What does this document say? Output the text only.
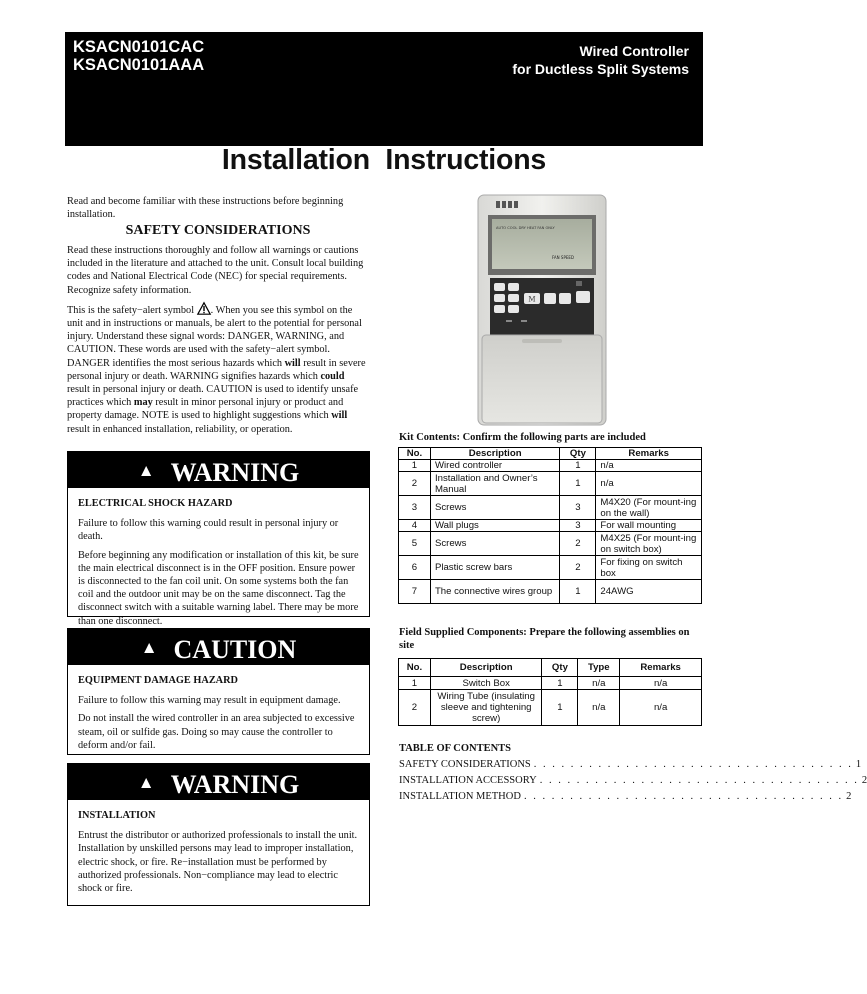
KSACN0101CAC
KSACN0101AAA
Wired Controller
for Ductless Split Systems
Installation  Instructions

Read and become familiar with these instructions before beginning installation.

SAFETY CONSIDERATIONS

Read these instructions thoroughly and follow all warnings or cautions included in the literature and attached to the unit. Consult local building codes and National Electrical Code (NEC) for special requirements. Recognize safety information.

This is the safety−alert symbol . When you see this symbol on the unit and in instructions or manuals, be alert to the potential for personal injury. Understand these signal words: DANGER, WARNING, and CAUTION. These words are used with the safety−alert symbol. DANGER identifies the most serious hazards which will result in severe personal injury or death. WARNING signifies hazards which could result in personal injury or death. CAUTION is used to identify unsafe practices which may result in minor personal injury or product and property damage. NOTE is used to highlight suggestions which will result in enhanced installation, reliability, or operation.

▲ WARNING
ELECTRICAL SHOCK HAZARD

Failure to follow this warning could result in personal injury or death.

Before beginning any modification or installation of this kit, be sure the main electrical disconnect is in the OFF position. Ensure power is disconnected to the fan coil unit. On some systems both the fan coil and the outdoor unit may be on the same disconnect. Tag the disconnect switch with a suitable warning label. There may be more than one disconnect.

▲ CAUTION
EQUIPMENT DAMAGE HAZARD

Failure to follow this warning may result in equipment damage.

Do not install the wired controller in an area subjected to excessive steam, oil or sulfide gas. Doing so may cause the controller to deform and/or fail.

▲ WARNING
INSTALLATION

Entrust the distributor or authorized professionals to install the unit. Installation by unskilled persons may lead to improper installation, electric shock, or fire. Re−installation must be performed by authorized professionals. Non−compliance may lead to electric shock or fire.

AUTO COOL DRY HEAT FAN ONLY
FAN SPEED
M
Kit Contents: Confirm the following parts are included
No.	Description	Qty	Remarks
1	Wired controller	1	n/a
2	Installation and Owner’s Manual	1	n/a
3	Screws	3	M4X20 (For mount-ing on the wall)
4	Wall plugs	3	For wall mounting
5	Screws	2	M4X25 (For mount-ing on switch box)
6	Plastic screw bars	2	For fixing on switch box
7	The connective wires group	1	24AWG
Field Supplied Components: Prepare the following assemblies on site
No.	Description	Qty	Type	Remarks
1	Switch Box	1	n/a	n/a
2	Wiring Tube (insulating sleeve and tightening screw)	1	n/a	n/a
TABLE OF CONTENTS
SAFETY CONSIDERATIONS . . . . . . . . . . . . . . . . . . . . . . . . . . . . . . . . . . . 1
INSTALLATION ACCESSORY . . . . . . . . . . . . . . . . . . . . . . . . . . . . . . . . . . . 2
INSTALLATION METHOD . . . . . . . . . . . . . . . . . . . . . . . . . . . . . . . . . . . 2
